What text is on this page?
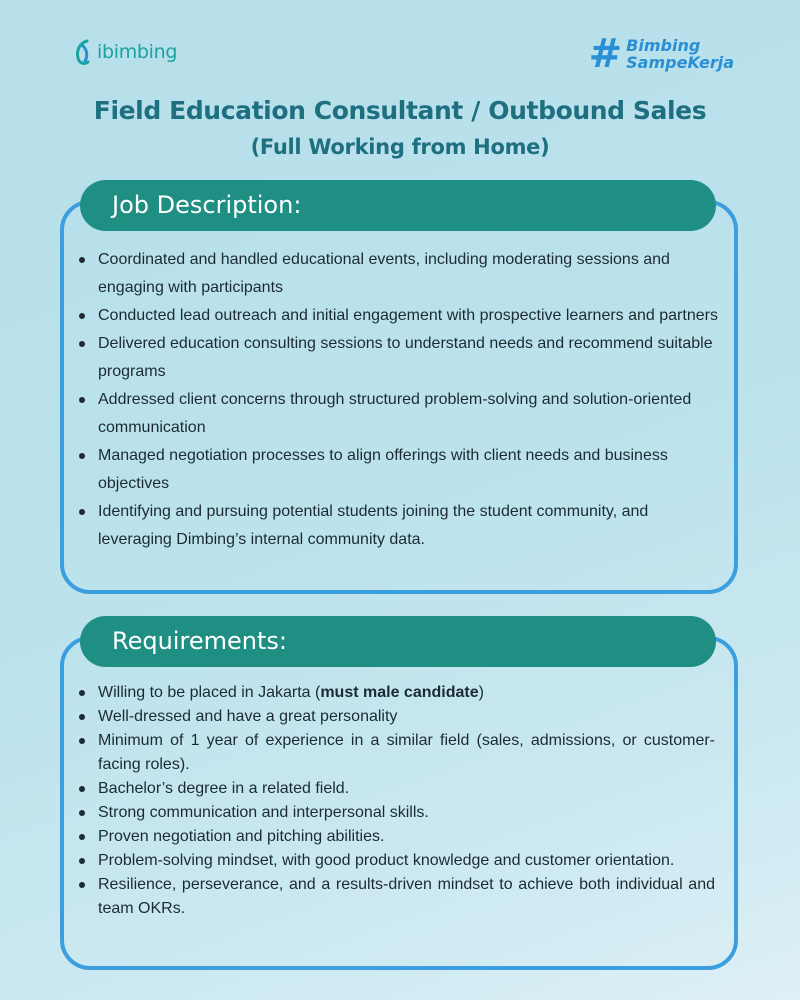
ibimbing	# Bimbing
SampeKerja
Field Education Consultant / Outbound Sales
(Full Working from Home)
Job Description:
Coordinated and handled educational events, including moderating sessions and engaging with participants
Conducted lead outreach and initial engagement with prospective learners and partners
Delivered education consulting sessions to understand needs and recommend suitable programs
Addressed client concerns through structured problem-solving and solution-oriented communication
Managed negotiation processes to align offerings with client needs and business objectives
Identifying and pursuing potential students joining the student community, and leveraging Dimbing’s internal community data.
Requirements:
Willing to be placed in Jakarta (must male candidate)
Well-dressed and have a great personality
Minimum of 1 year of experience in a similar field (sales, admissions, or customer-facing roles).
Bachelor’s degree in a related field.
Strong communication and interpersonal skills.
Proven negotiation and pitching abilities.
Problem-solving mindset, with good product knowledge and customer orientation.
Resilience, perseverance, and a results-driven mindset to achieve both individual and team OKRs.
